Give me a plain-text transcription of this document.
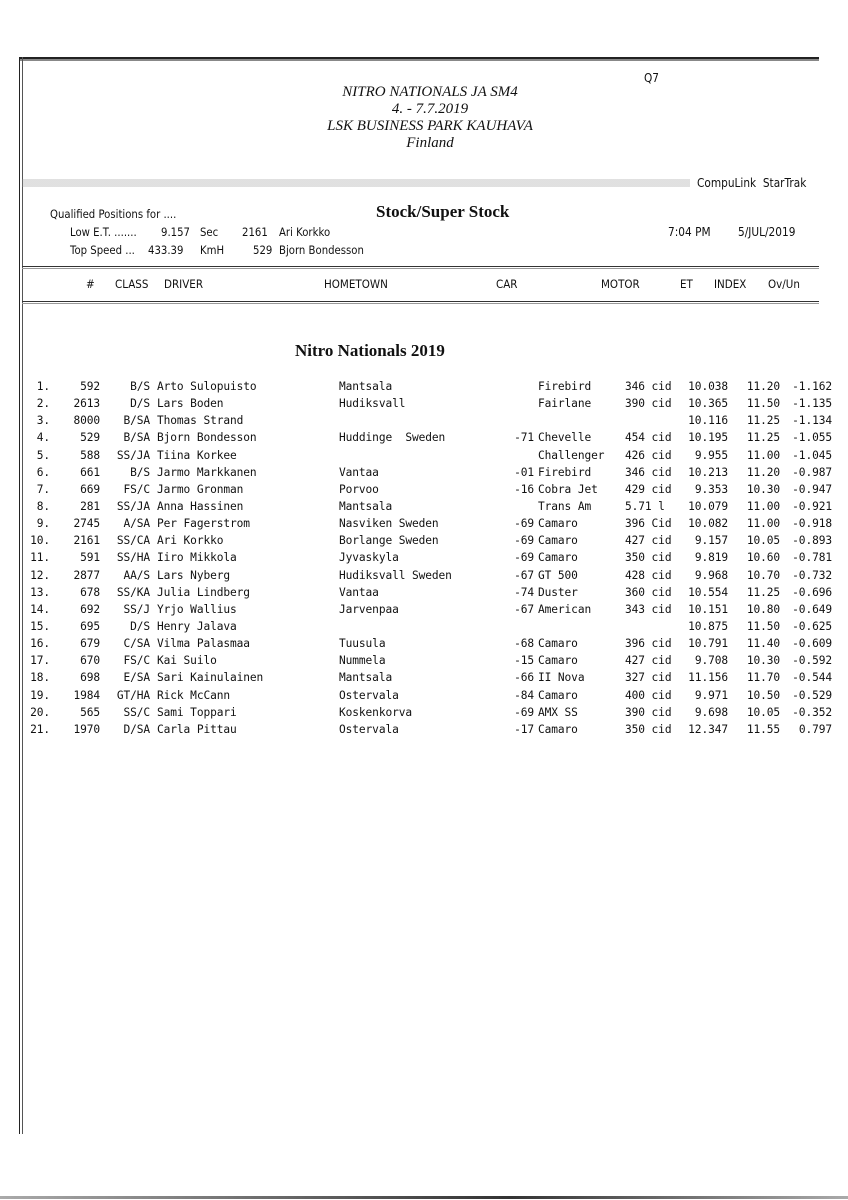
Q7
NITRO NATIONALS JA SM4
4. - 7.7.2019
LSK BUSINESS PARK KAUHAVA
Finland
CompuLink  StarTrak
Qualified Positions for ....	Stock/Super Stock
Low E.T. ....... 9.157 Sec 2161 Ari Korkko
Top Speed ... 433.39 KmH	529 Bjorn Bondesson
7:04 PM 5/JUL/2019
# CLASS DRIVER	HOMETOWN	CAR	MOTOR	ET INDEX Ov/Un
Nitro Nationals 2019
1.	592	B/S	Arto Sulopuisto	Mantsala		Firebird	346 cid	10.038	11.20	-1.162
2.	2613	D/S	Lars Boden	Hudiksvall		Fairlane	390 cid	10.365	11.50	-1.135
3.	8000	B/SA	Thomas Strand					10.116	11.25	-1.134
4.	529	B/SA	Bjorn Bondesson	Huddinge  Sweden	-71	Chevelle	454 cid	10.195	11.25	-1.055
5.	588	SS/JA	Tiina Korkee			Challenger	426 cid	9.955	11.00	-1.045
6.	661	B/S	Jarmo Markkanen	Vantaa	-01	Firebird	346 cid	10.213	11.20	-0.987
7.	669	FS/C	Jarmo Gronman	Porvoo	-16	Cobra Jet	429 cid	9.353	10.30	-0.947
8.	281	SS/JA	Anna Hassinen	Mantsala		Trans Am	5.71 l	10.079	11.00	-0.921
9.	2745	A/SA	Per Fagerstrom	Nasviken Sweden	-69	Camaro	396 Cid	10.082	11.00	-0.918
10.	2161	SS/CA	Ari Korkko	Borlange Sweden	-69	Camaro	427 cid	9.157	10.05	-0.893
11.	591	SS/HA	Iiro Mikkola	Jyvaskyla	-69	Camaro	350 cid	9.819	10.60	-0.781
12.	2877	AA/S	Lars Nyberg	Hudiksvall Sweden	-67	GT 500	428 cid	9.968	10.70	-0.732
13.	678	SS/KA	Julia Lindberg	Vantaa	-74	Duster	360 cid	10.554	11.25	-0.696
14.	692	SS/J	Yrjo Wallius	Jarvenpaa	-67	American	343 cid	10.151	10.80	-0.649
15.	695	D/S	Henry Jalava					10.875	11.50	-0.625
16.	679	C/SA	Vilma Palasmaa	Tuusula	-68	Camaro	396 cid	10.791	11.40	-0.609
17.	670	FS/C	Kai Suilo	Nummela	-15	Camaro	427 cid	9.708	10.30	-0.592
18.	698	E/SA	Sari Kainulainen	Mantsala	-66	II Nova	327 cid	11.156	11.70	-0.544
19.	1984	GT/HA	Rick McCann	Ostervala	-84	Camaro	400 cid	9.971	10.50	-0.529
20.	565	SS/C	Sami Toppari	Koskenkorva	-69	AMX SS	390 cid	9.698	10.05	-0.352
21.	1970	D/SA	Carla Pittau	Ostervala	-17	Camaro	350 cid	12.347	11.55	0.797
